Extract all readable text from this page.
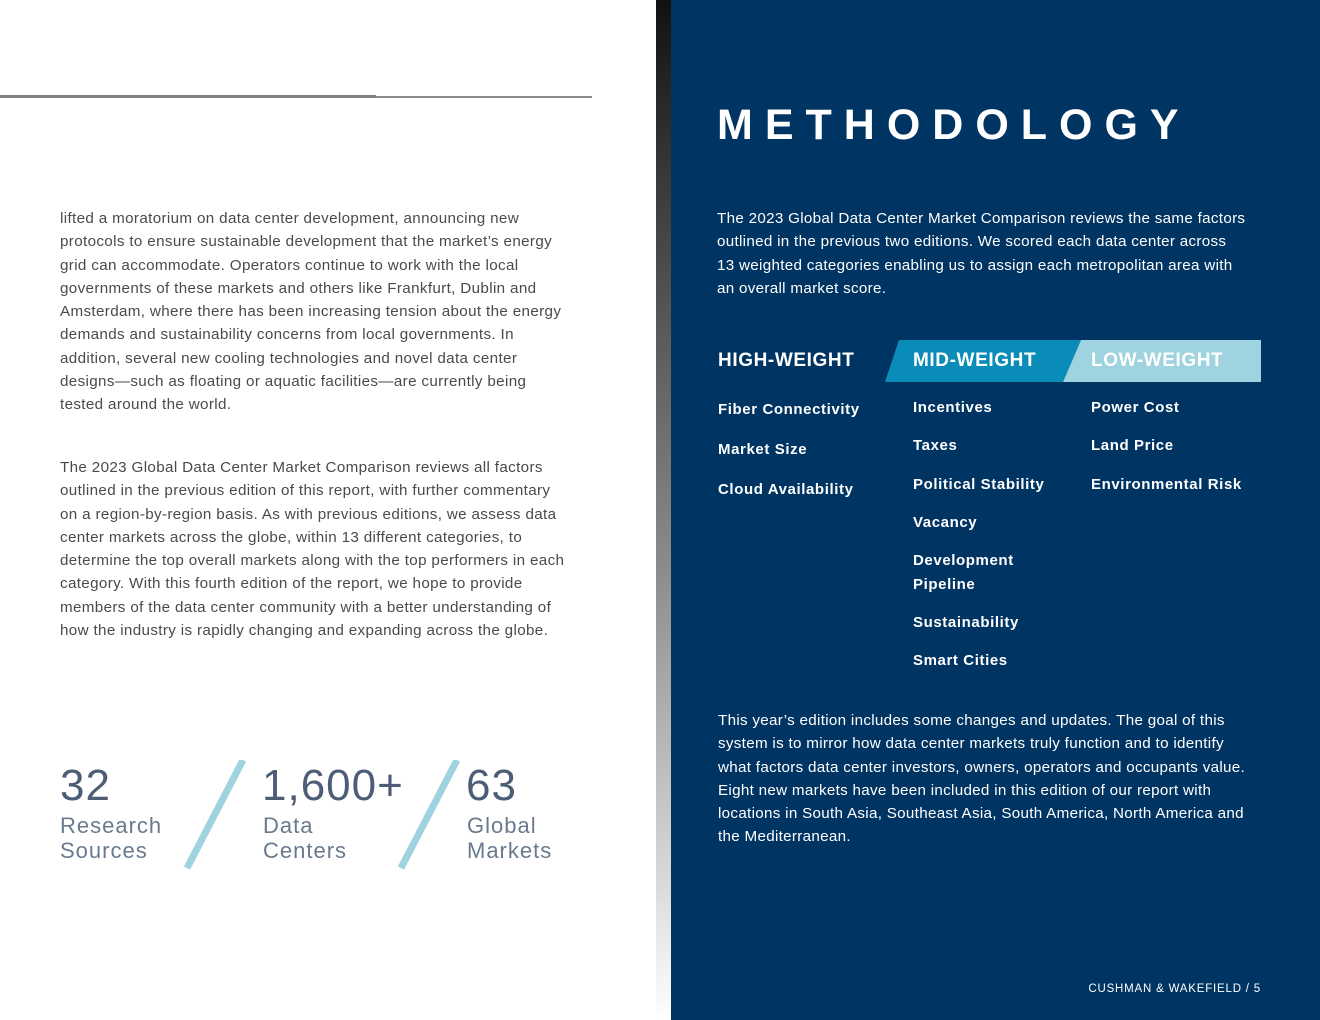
lifted a moratorium on data center development, announcing new protocols to ensure sustainable development that the market’s energy grid can accommodate. Operators continue to work with the local governments of these markets and others like Frankfurt, Dublin and Amsterdam, where there has been increasing tension about the energy demands and sustainability concerns from local governments. In addition, several new cooling technologies and novel data center designs—such as floating or aquatic facilities—are currently being tested around the world.

The 2023 Global Data Center Market Comparison reviews all factors outlined in the previous edition of this report, with further commentary on a region-by-region basis. As with previous editions, we assess data center markets across the globe, within 13 different categories, to determine the top overall markets along with the top performers in each category. With this fourth edition of the report, we hope to provide members of the data center community with a better understanding of how the industry is rapidly changing and expanding across the globe.

32
Research
Sources
1,600+
Data
Centers
63
Global
Markets
METHODOLOGY

The 2023 Global Data Center Market Comparison reviews the same factors outlined in the previous two editions. We scored each data center across 13 weighted categories enabling us to assign each metropolitan area with an overall market score.

HIGH-WEIGHT	MID-WEIGHT	LOW-WEIGHT
Fiber Connectivity
Market Size
Cloud Availability
Incentives
Taxes
Political Stability
Vacancy
Development
Pipeline
Sustainability
Smart Cities
Power Cost
Land Price
Environmental Risk

This year’s edition includes some changes and updates. The goal of this system is to mirror how data center markets truly function and to identify what factors data center investors, owners, operators and occupants value. Eight new markets have been included in this edition of our report with locations in South Asia, Southeast Asia, South America, North America and the Mediterranean.

CUSHMAN & WAKEFIELD / 5
